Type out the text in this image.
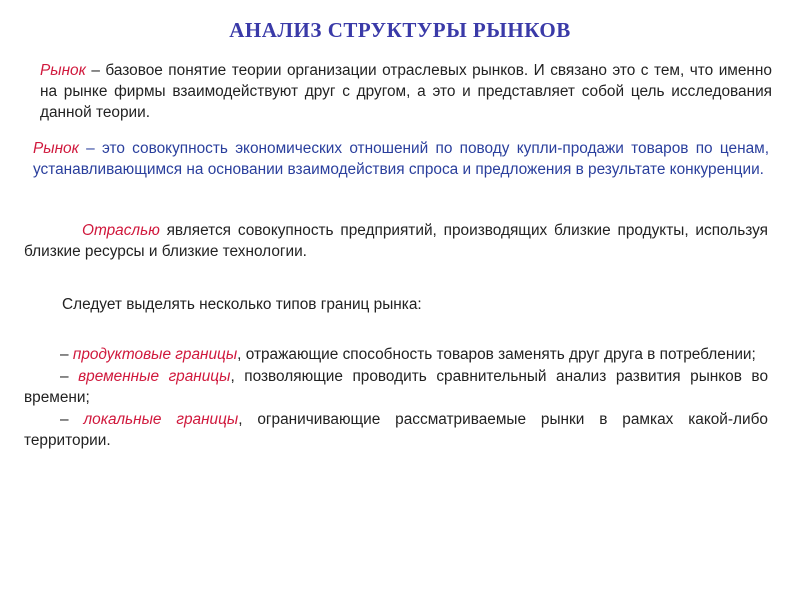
АНАЛИЗ СТРУКТУРЫ РЫНКОВ
Рынок – базовое понятие теории организации отраслевых рынков. И связано это с тем, что именно на рынке фирмы взаимодействуют друг с другом, а это и представляет собой цель исследования данной теории.
Рынок – это совокупность экономических отношений по поводу купли-продажи товаров по ценам, устанавливающимся на основании взаимодействия спроса и предложения в результате конкуренции.
Отраслью является совокупность предприятий, производящих близкие продукты, используя близкие ресурсы и близкие технологии.
Следует выделять несколько типов границ рынка:

– продуктовые границы, отражающие способность товаров заменять друг друга в потреблении;

– временные границы, позволяющие проводить сравнительный анализ развития рынков во времени;

– локальные границы, ограничивающие рассматриваемые рынки в рамках какой-либо территории.
